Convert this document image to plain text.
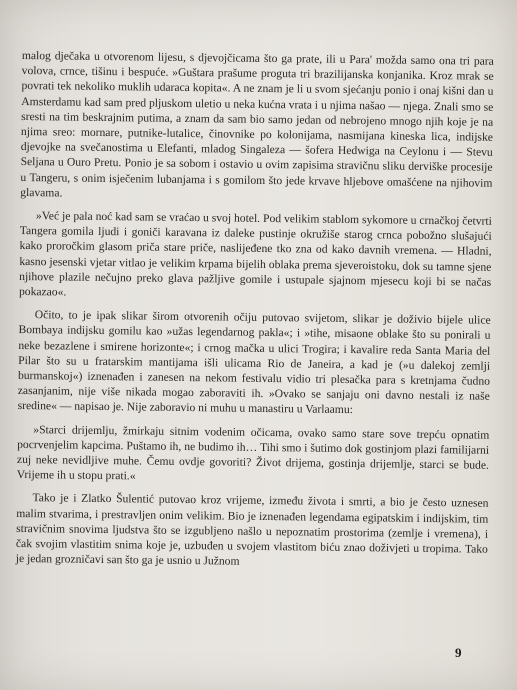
malog dječaka u otvorenom lijesu, s djevojčicama što ga prate, ili u Para' možda samo ona tri para volova, crnce, tišinu i bespuće. »Guštara prašume proguta tri brazilijanska konjanika. Kroz mrak se povrati tek nekoliko muklih udaraca kopita«. A ne znam je li u svom sjećanju ponio i onaj kišni dan u Amsterdamu kad sam pred pljuskom uletio u neka kućna vrata i u njima našao — njega. Znali smo se sresti na tim beskrajnim putima, a znam da sam bio samo jedan od nebrojeno mnogo njih koje je na njima sreo: mornare, putnike-lutalice, činovnike po kolonijama, nasmijana kineska lica, indijske djevojke na svečanostima u Elefanti, mladog Singaleza — šofera Hedwiga na Ceylonu i — Stevu Seljana u Ouro Pretu. Ponio je sa sobom i ostavio u ovim zapisima stravičnu sliku derviške procesije u Tangeru, s onim isječenim lubanjama i s gomilom što jede krvave hljebove omašćene na njihovim glavama.

»Već je pala noć kad sam se vraćao u svoj hotel. Pod velikim stablom sykomore u crnačkoj četvrti Tangera gomila ljudi i goniči karavana iz daleke pustinje okružiše starog crnca pobožno slušajući kako proročkim glasom priča stare priče, naslijeđene tko zna od kako davnih vremena. — Hladni, kasno jesenski vjetar vitlao je velikim krpama bijelih oblaka prema sjeveroistoku, dok su tamne sjene njihove plazile nečujno preko glava pažljive gomile i ustupale sjajnom mjesecu koji bi se načas pokazao«.

Očito, to je ipak slikar širom otvorenih očiju putovao svijetom, slikar je doživio bijele ulice Bombaya indijsku gomilu kao »užas legendarnog pakla«; i »tihe, misaone oblake što su ponirali u neke bezazlene i smirene horizonte«; i crnog mačka u ulici Trogira; i kavalire reda Santa Maria del Pilar što su u fratarskim mantijama išli ulicama Rio de Janeira, a kad je (»u dalekoj zemlji burmanskoj«) iznenađen i zanesen na nekom festivalu vidio tri plesačka para s kretnjama čudno zasanjanim, nije više nikada mogao zaboraviti ih. »Ovako se sanjaju oni davno nestali iz naše sredine« — napisao je. Nije zaboravio ni muhu u manastiru u Varlaamu:

»Starci drijemlju, žmirkaju sitnim vodenim očicama, ovako samo stare sove trepću opnatim pocrvenjelim kapcima. Puštamo ih, ne budimo ih… Tihi smo i šutimo dok gostinjom plazi familijarni zuj neke nevidljive muhe. Čemu ovdje govoriti? Život drijema, gostinja drijemlje, starci se bude. Vrijeme ih u stopu prati.«

Tako je i Zlatko Šulentić putovao kroz vrijeme, između života i smrti, a bio je često uznesen malim stvarima, i prestravljen onim velikim. Bio je iznenađen legendama egipatskim i indijskim, tim stravičnim snovima ljudstva što se izgubljeno našlo u nepoznatim prostorima (zemlje i vremena), i čak svojim vlastitim snima koje je, uzbuđen u svojem vlastitom biću znao doživjeti u tropima. Tako je jedan grozničavi san što ga je usnio u Južnom

9
